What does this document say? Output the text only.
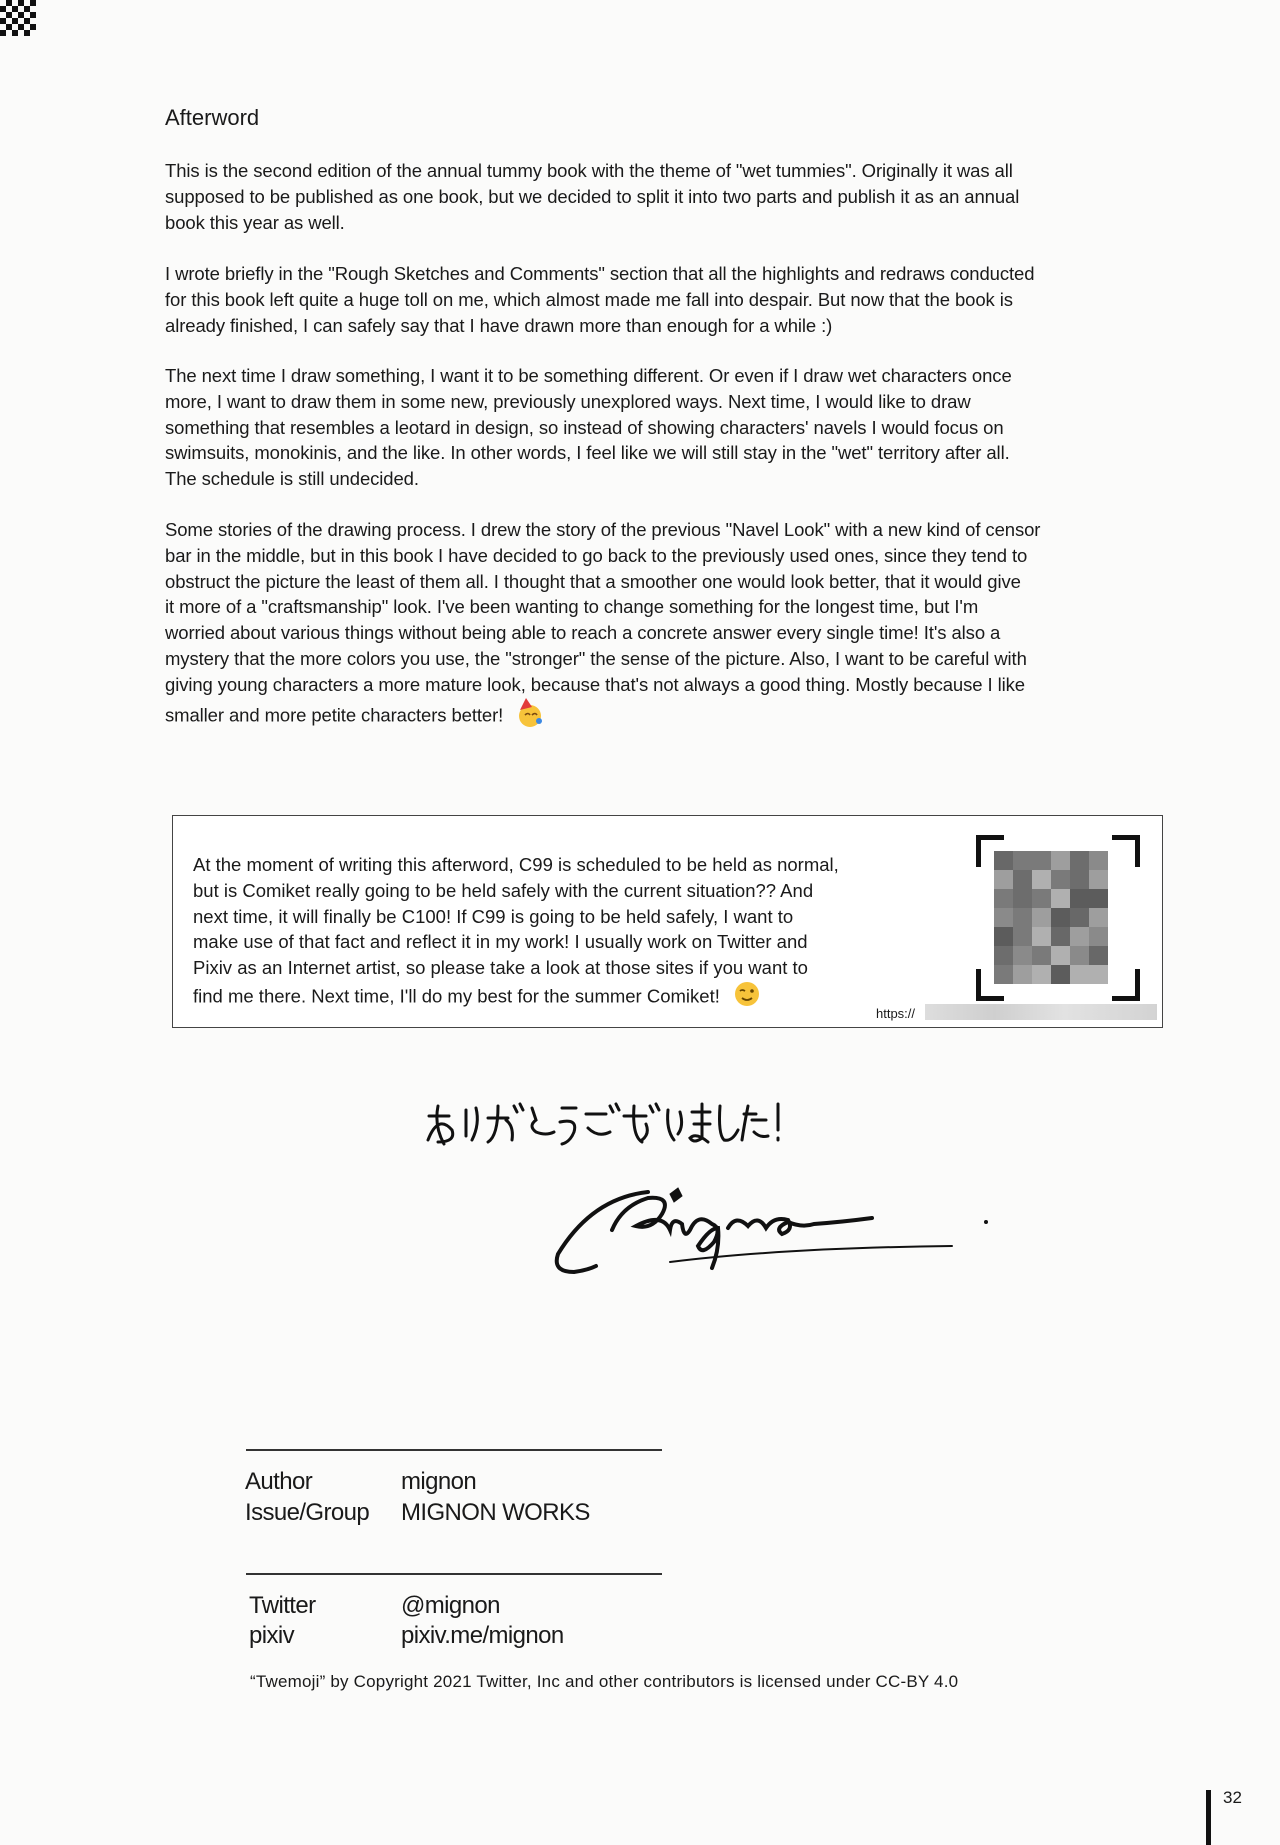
Afterword
This is the second edition of the annual tummy book with the theme of "wet tummies". Originally it was all
supposed to be published as one book, but we decided to split it into two parts and publish it as an annual
book this year as well.
I wrote briefly in the "Rough Sketches and Comments" section that all the highlights and redraws conducted
for this book left quite a huge toll on me, which almost made me fall into despair. But now that the book is
already finished, I can safely say that I have drawn more than enough for a while :)
The next time I draw something, I want it to be something different. Or even if I draw wet characters once
more, I want to draw them in some new, previously unexplored ways. Next time, I would like to draw
something that resembles a leotard in design, so instead of showing characters' navels I would focus on
swimsuits, monokinis, and the like. In other words, I feel like we will still stay in the "wet" territory after all.
The schedule is still undecided.
Some stories of the drawing process. I drew the story of the previous "Navel Look" with a new kind of censor
bar in the middle, but in this book I have decided to go back to the previously used ones, since they tend to
obstruct the picture the least of them all. I thought that a smoother one would look better, that it would give
it more of a "craftsmanship" look. I've been wanting to change something for the longest time, but I'm
worried about various things without being able to reach a concrete answer every single time! It's also a
mystery that the more colors you use, the "stronger" the sense of the picture. Also, I want to be careful with
giving young characters a more mature look, because that's not always a good thing. Mostly because I like
smaller and more petite characters better!
At the moment of writing this afterword, C99 is scheduled to be held as normal,
but is Comiket really going to be held safely with the current situation?? And
next time, it will finally be C100! If C99 is going to be held safely, I want to
make use of that fact and reflect it in my work! I usually work on Twitter and
Pixiv as an Internet artist, so please take a look at those sites if you want to
find me there. Next time, I'll do my best for the summer Comiket!
https://
Author	mignon
Issue/Group MIGNON WORKS
Twitter	@mignon
pixiv	pixiv.me/mignon
“Twemoji” by Copyright 2021 Twitter, Inc and other contributors is licensed under CC-BY 4.0
32
